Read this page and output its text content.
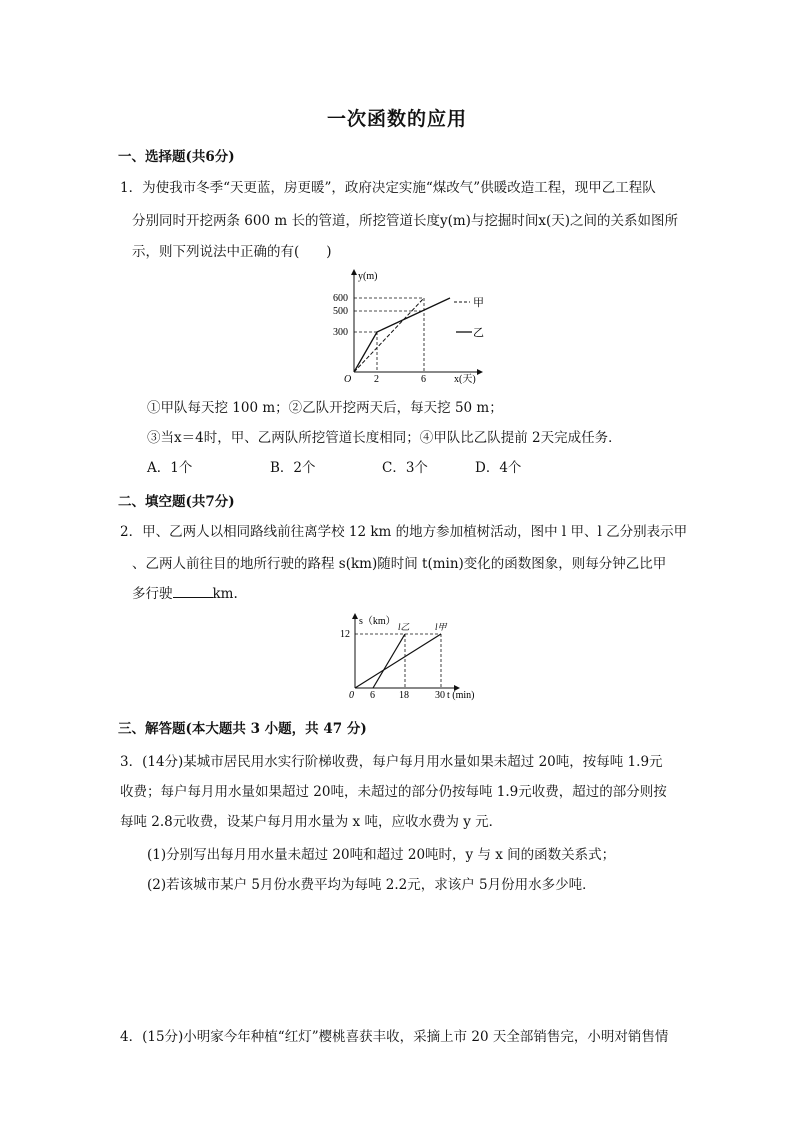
一次函数的应用
一、选择题(共6分)
1．为使我市冬季“天更蓝，房更暖”，政府决定实施“煤改气”供暖改造工程，现甲乙工程队
分别同时开挖两条 600 m 长的管道，所挖管道长度y(m)与挖掘时间x(天)之间的关系如图所
示，则下列说法中正确的有(　　)
甲
乙
y(m)
600
500
300
O 2	6	x(天)
①甲队每天挖 100 m；②乙队开挖两天后，每天挖 50 m；
③当x＝4时，甲、乙两队所挖管道长度相同；④甲队比乙队提前 2天完成任务．
A．1个	B．2个	C．3个	D．4个
二、填空题(共7分)
2．甲、乙两人以相同路线前往离学校 12 km 的地方参加植树活动，图中 l 甲、l 乙分别表示甲
、乙两人前往目的地所行驶的路程 s(km)随时间 t(min)变化的函数图象，则每分钟乙比甲
多行驶	km.
s（km）
12
l乙	l甲
0 6 18	30 t (min)
三、解答题(本大题共 3 小题，共 47 分)
3．(14分)某城市居民用水实行阶梯收费，每户每月用水量如果未超过 20吨，按每吨 1.9元
收费；每户每月用水量如果超过 20吨，未超过的部分仍按每吨 1.9元收费，超过的部分则按
每吨 2.8元收费，设某户每月用水量为 x 吨，应收水费为 y 元．
(1)分别写出每月用水量未超过 20吨和超过 20吨时，y 与 x 间的函数关系式；
(2)若该城市某户 5月份水费平均为每吨 2.2元，求该户 5月份用水多少吨．
4．(15分)小明家今年种植“红灯”樱桃喜获丰收，采摘上市 20 天全部销售完，小明对销售情
